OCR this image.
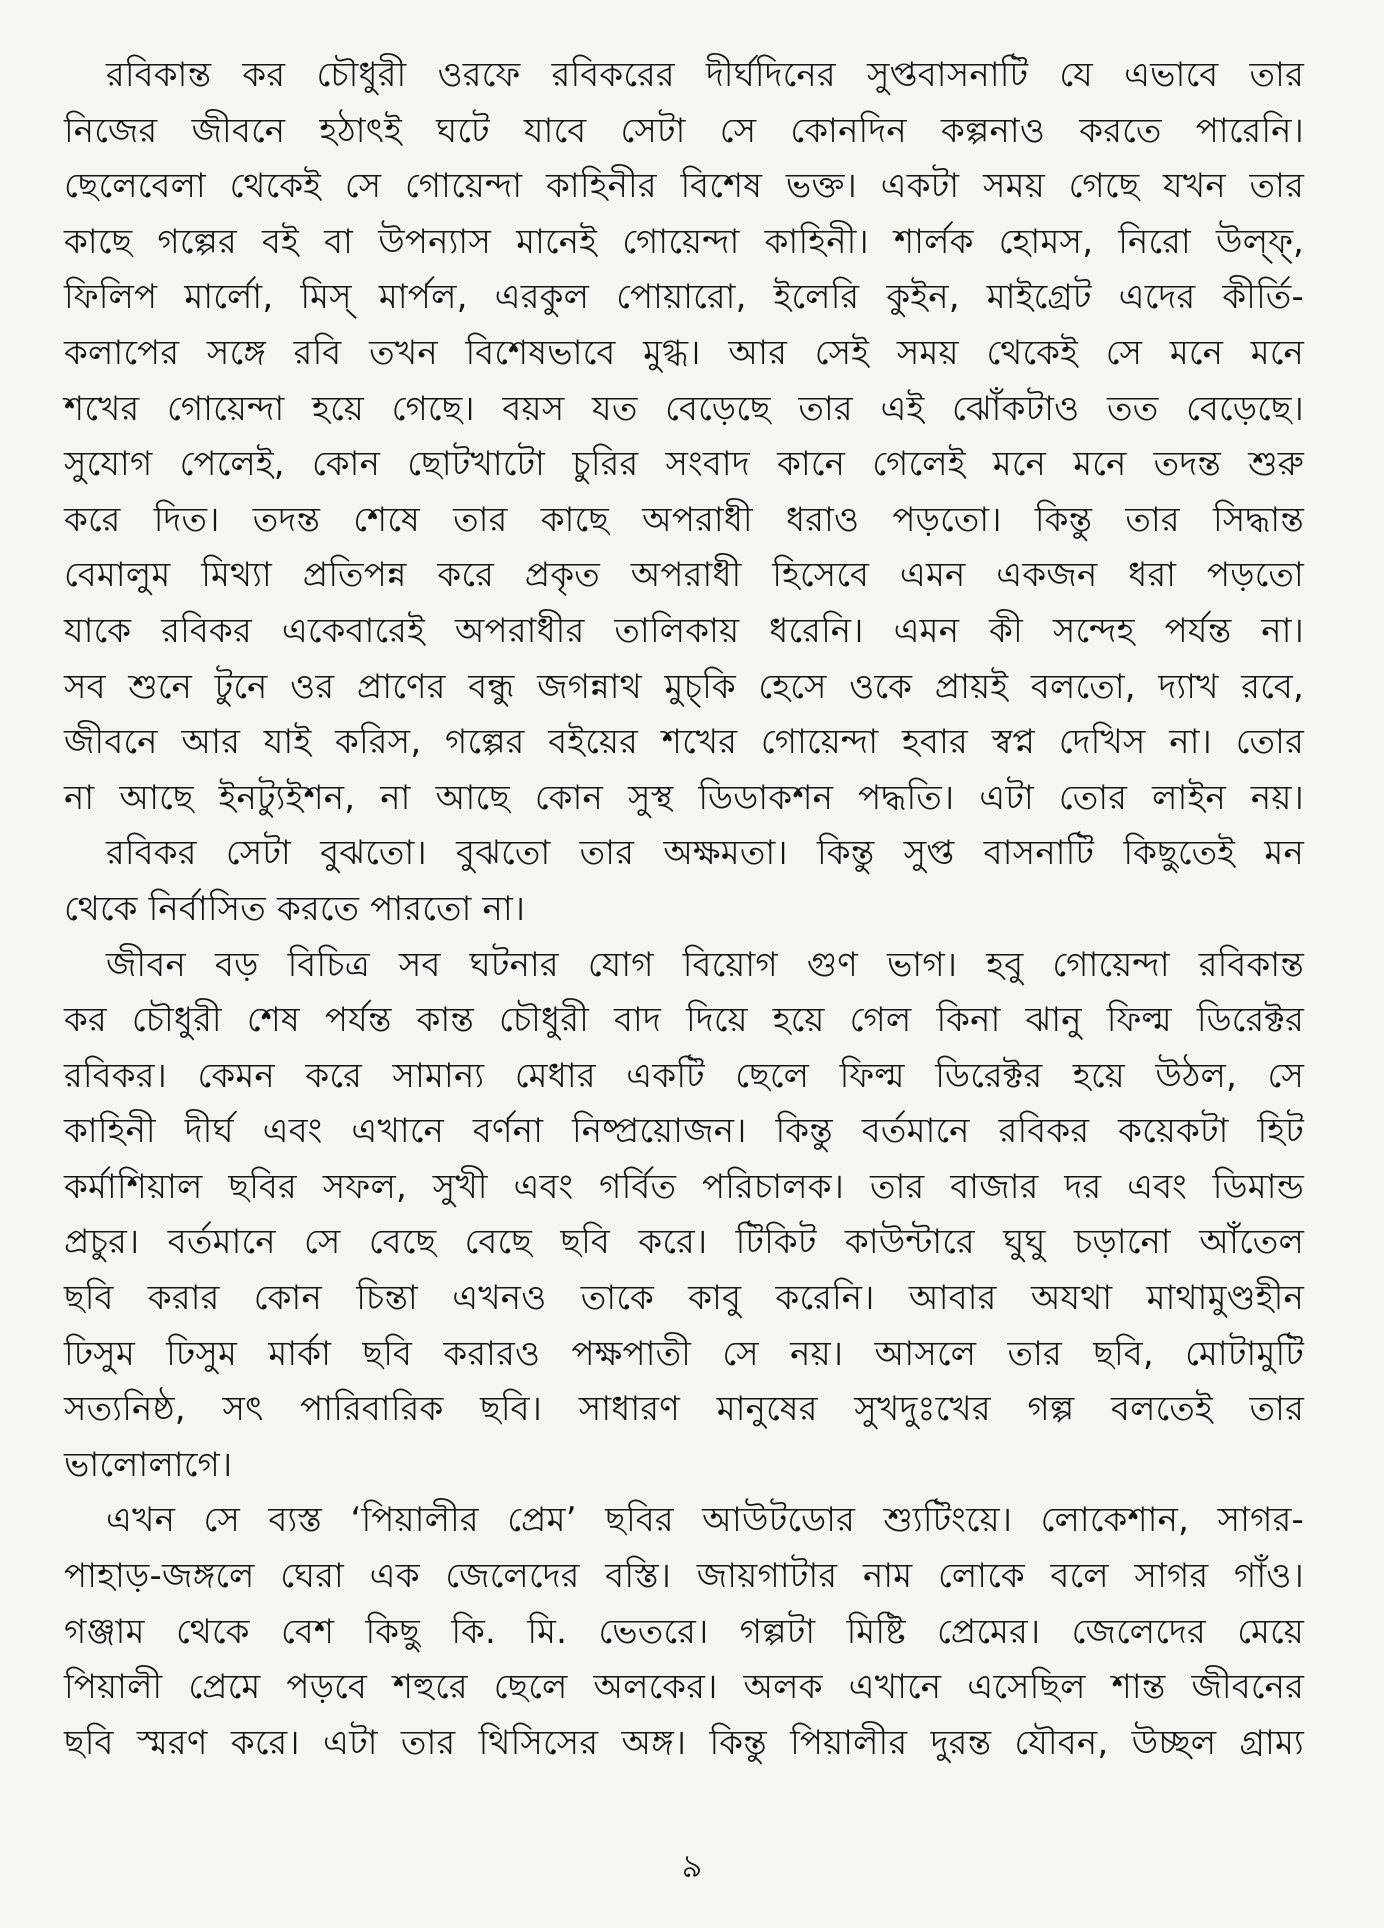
রবিকান্ত কর চৌধুরী ওরফে রবিকরের দীর্ঘদিনের সুপ্তবাসনাটি যে এভাবে তার
নিজের জীবনে হঠাৎই ঘটে যাবে সেটা সে কোনদিন কল্পনাও করতে পারেনি।
ছেলেবেলা থেকেই সে গোয়েন্দা কাহিনীর বিশেষ ভক্ত। একটা সময় গেছে যখন তার
কাছে গল্পের বই বা উপন্যাস মানেই গোয়েন্দা কাহিনী। শার্লক হোমস, নিরো উল্ফ্,
ফিলিপ মার্লো, মিস্ মার্পল, এরকুল পোয়ারো, ইলেরি কুইন, মাইগ্রেট এদের কীর্তি-
কলাপের সঙ্গে রবি তখন বিশেষভাবে মুগ্ধ। আর সেই সময় থেকেই সে মনে মনে
শখের গোয়েন্দা হয়ে গেছে। বয়স যত বেড়েছে তার এই ঝোঁকটাও তত বেড়েছে।
সুযোগ পেলেই, কোন ছোটখাটো চুরির সংবাদ কানে গেলেই মনে মনে তদন্ত শুরু
করে দিত। তদন্ত শেষে তার কাছে অপরাধী ধরাও পড়তো। কিন্তু তার সিদ্ধান্ত
বেমালুম মিথ্যা প্রতিপন্ন করে প্রকৃত অপরাধী হিসেবে এমন একজন ধরা পড়তো
যাকে রবিকর একেবারেই অপরাধীর তালিকায় ধরেনি। এমন কী সন্দেহ পর্যন্ত না।
সব শুনে টুনে ওর প্রাণের বন্ধু জগন্নাথ মুচ্‌কি হেসে ওকে প্রায়ই বলতো, দ্যাখ রবে,
জীবনে আর যাই করিস, গল্পের বইয়ের শখের গোয়েন্দা হবার স্বপ্ন দেখিস না। তোর
না আছে ইনট্যুইশন, না আছে কোন সুস্থ ডিডাকশন পদ্ধতি। এটা তোর লাইন নয়।

রবিকর সেটা বুঝতো। বুঝতো তার অক্ষমতা। কিন্তু সুপ্ত বাসনাটি কিছুতেই মন
থেকে নির্বাসিত করতে পারতো না।

জীবন বড় বিচিত্র সব ঘটনার যোগ বিয়োগ গুণ ভাগ। হবু গোয়েন্দা রবিকান্ত
কর চৌধুরী শেষ পর্যন্ত কান্ত চৌধুরী বাদ দিয়ে হয়ে গেল কিনা ঝানু ফিল্ম ডিরেক্টর
রবিকর। কেমন করে সামান্য মেধার একটি ছেলে ফিল্ম ডিরেক্টর হয়ে উঠল, সে
কাহিনী দীর্ঘ এবং এখানে বর্ণনা নিষ্প্রয়োজন। কিন্তু বর্তমানে রবিকর কয়েকটা হিট
কর্মাশিয়াল ছবির সফল, সুখী এবং গর্বিত পরিচালক। তার বাজার দর এবং ডিমান্ড
প্রচুর। বর্তমানে সে বেছে বেছে ছবি করে। টিকিট কাউন্টারে ঘুঘু চড়ানো আঁতেল
ছবি করার কোন চিন্তা এখনও তাকে কাবু করেনি। আবার অযথা মাথামুণ্ডহীন
ঢিসুম ঢিসুম মার্কা ছবি করারও পক্ষপাতী সে নয়। আসলে তার ছবি, মোটামুটি
সত্যনিষ্ঠ, সৎ পারিবারিক ছবি। সাধারণ মানুষের সুখদুঃখের গল্প বলতেই তার
ভালোলাগে।

এখন সে ব্যস্ত ‘পিয়ালীর প্রেম’ ছবির আউটডোর শ্যুটিংয়ে। লোকেশান, সাগর-
পাহাড়-জঙ্গলে ঘেরা এক জেলেদের বস্তি। জায়গাটার নাম লোকে বলে সাগর গাঁও।
গঞ্জাম থেকে বেশ কিছু কি. মি. ভেতরে। গল্পটা মিষ্টি প্রেমের। জেলেদের মেয়ে
পিয়ালী প্রেমে পড়বে শহুরে ছেলে অলকের। অলক এখানে এসেছিল শান্ত জীবনের
ছবি স্মরণ করে। এটা তার থিসিসের অঙ্গ। কিন্তু পিয়ালীর দুরন্ত যৌবন, উচ্ছল গ্রাম্য

৯
